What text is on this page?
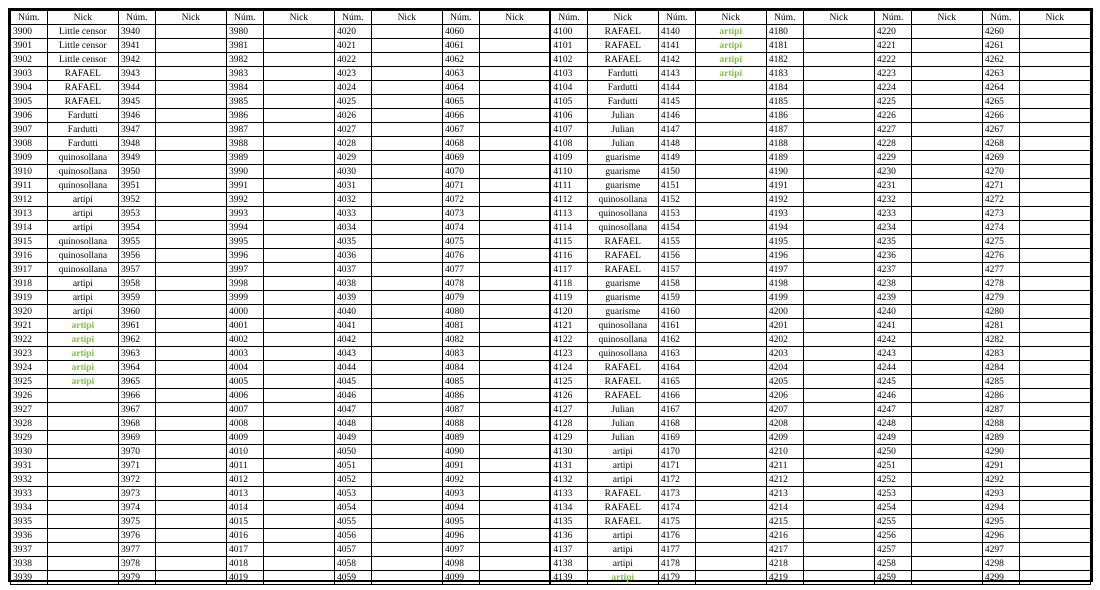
Núm.	Nick	Núm.	Nick	Núm.	Nick	Núm.	Nick	Núm.	Nick	Núm.	Nick	Núm.	Nick	Núm.	Nick	Núm.	Nick	Núm.	Nick
3900	Little censor	3940		3980		4020		4060		4100	RAFAEL	4140	artipi	4180		4220		4260	
3901	Little censor	3941		3981		4021		4061		4101	RAFAEL	4141	artipi	4181		4221		4261	
3902	Little censor	3942		3982		4022		4062		4102	RAFAEL	4142	artipi	4182		4222		4262	
3903	RAFAEL	3943		3983		4023		4063		4103	Fardutti	4143	artipi	4183		4223		4263	
3904	RAFAEL	3944		3984		4024		4064		4104	Fardutti	4144		4184		4224		4264	
3905	RAFAEL	3945		3985		4025		4065		4105	Fardutti	4145		4185		4225		4265	
3906	Fardutti	3946		3986		4026		4066		4106	Julian	4146		4186		4226		4266	
3907	Fardutti	3947		3987		4027		4067		4107	Julian	4147		4187		4227		4267	
3908	Fardutti	3948		3988		4028		4068		4108	Julian	4148		4188		4228		4268	
3909	quinosollana	3949		3989		4029		4069		4109	guarisme	4149		4189		4229		4269	
3910	quinosollana	3950		3990		4030		4070		4110	guarisme	4150		4190		4230		4270	
3911	quinosollana	3951		3991		4031		4071		4111	guarisme	4151		4191		4231		4271	
3912	artipi	3952		3992		4032		4072		4112	quinosollana	4152		4192		4232		4272	
3913	artipi	3953		3993		4033		4073		4113	quinosollana	4153		4193		4233		4273	
3914	artipi	3954		3994		4034		4074		4114	quinosollana	4154		4194		4234		4274	
3915	quinosollana	3955		3995		4035		4075		4115	RAFAEL	4155		4195		4235		4275	
3916	quinosollana	3956		3996		4036		4076		4116	RAFAEL	4156		4196		4236		4276	
3917	quinosollana	3957		3997		4037		4077		4117	RAFAEL	4157		4197		4237		4277	
3918	artipi	3958		3998		4038		4078		4118	guarisme	4158		4198		4238		4278	
3919	artipi	3959		3999		4039		4079		4119	guarisme	4159		4199		4239		4279	
3920	artipi	3960		4000		4040		4080		4120	guarisme	4160		4200		4240		4280	
3921	artipi	3961		4001		4041		4081		4121	quinosollana	4161		4201		4241		4281	
3922	artipi	3962		4002		4042		4082		4122	quinosollana	4162		4202		4242		4282	
3923	artipi	3963		4003		4043		4083		4123	quinosollana	4163		4203		4243		4283	
3924	artipi	3964		4004		4044		4084		4124	RAFAEL	4164		4204		4244		4284	
3925	artipi	3965		4005		4045		4085		4125	RAFAEL	4165		4205		4245		4285	
3926		3966		4006		4046		4086		4126	RAFAEL	4166		4206		4246		4286	
3927		3967		4007		4047		4087		4127	Julian	4167		4207		4247		4287	
3928		3968		4008		4048		4088		4128	Julian	4168		4208		4248		4288	
3929		3969		4009		4049		4089		4129	Julian	4169		4209		4249		4289	
3930		3970		4010		4050		4090		4130	artipi	4170		4210		4250		4290	
3931		3971		4011		4051		4091		4131	artipi	4171		4211		4251		4291	
3932		3972		4012		4052		4092		4132	artipi	4172		4212		4252		4292	
3933		3973		4013		4053		4093		4133	RAFAEL	4173		4213		4253		4293	
3934		3974		4014		4054		4094		4134	RAFAEL	4174		4214		4254		4294	
3935		3975		4015		4055		4095		4135	RAFAEL	4175		4215		4255		4295	
3936		3976		4016		4056		4096		4136	artipi	4176		4216		4256		4296	
3937		3977		4017		4057		4097		4137	artipi	4177		4217		4257		4297	
3938		3978		4018		4058		4098		4138	artipi	4178		4218		4258		4298	
3939		3979		4019		4059		4099		4139	artipi	4179		4219		4259		4299	
